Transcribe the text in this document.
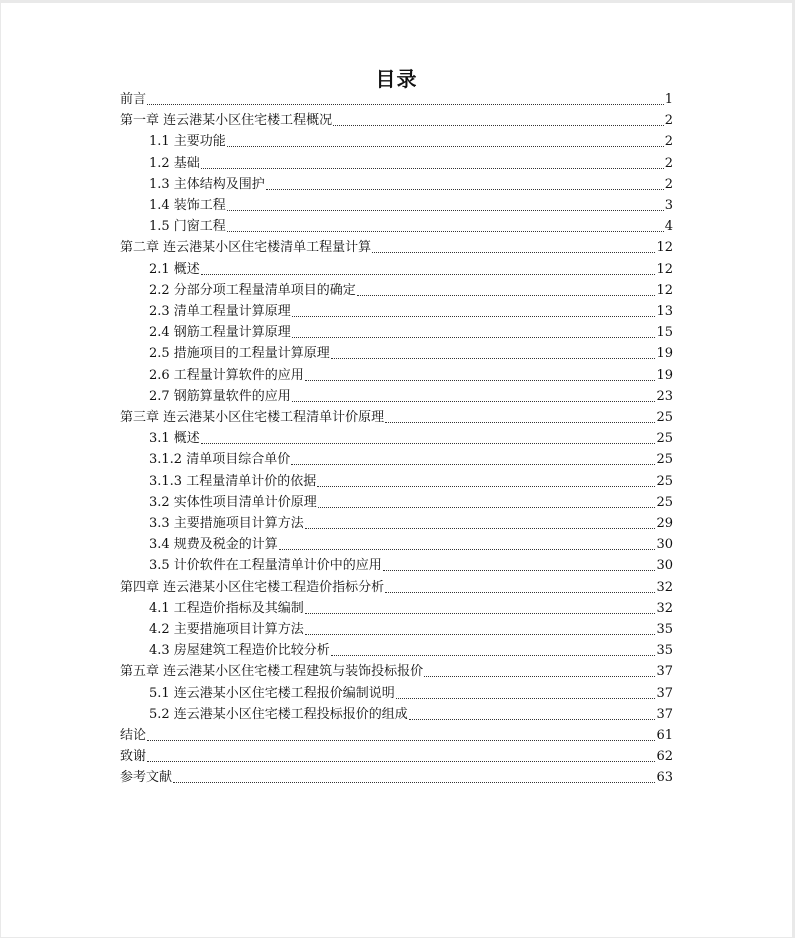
目录
前言	1
第一章 连云港某小区住宅楼工程概况	2
1.1 主要功能	2
1.2 基础	2
1.3 主体结构及围护	2
1.4 装饰工程	3
1.5 门窗工程	4
第二章 连云港某小区住宅楼清单工程量计算	12
2.1 概述	12
2.2 分部分项工程量清单项目的确定	12
2.3 清单工程量计算原理	13
2.4 钢筋工程量计算原理	15
2.5 措施项目的工程量计算原理	19
2.6 工程量计算软件的应用	19
2.7 钢筋算量软件的应用	23
第三章 连云港某小区住宅楼工程清单计价原理	25
3.1 概述	25
3.1.2 清单项目综合单价	25
3.1.3 工程量清单计价的依据	25
3.2 实体性项目清单计价原理	25
3.3 主要措施项目计算方法	29
3.4 规费及税金的计算	30
3.5 计价软件在工程量清单计价中的应用	30
第四章 连云港某小区住宅楼工程造价指标分析	32
4.1 工程造价指标及其编制	32
4.2 主要措施项目计算方法	35
4.3 房屋建筑工程造价比较分析	35
第五章 连云港某小区住宅楼工程建筑与装饰投标报价	37
5.1 连云港某小区住宅楼工程报价编制说明	37
5.2 连云港某小区住宅楼工程投标报价的组成	37
结论	61
致谢	62
参考文献	63
